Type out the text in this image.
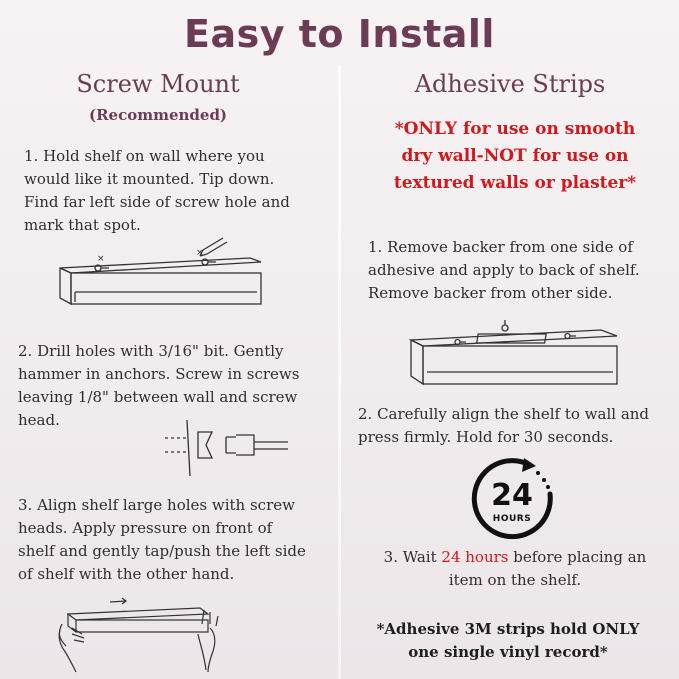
Easy to Install
Screw Mount
(Recommended)
1. Hold shelf on wall where you
would like it mounted. Tip down.
Find far left side of screw hole and
mark that spot.
×
×
2. Drill holes with 3/16" bit. Gently
hammer in anchors. Screw in screws
leaving 1/8" between wall and screw
head.
3. Align shelf large holes with screw
heads. Apply pressure on front of
shelf and gently tap/push the left side
of shelf with the other hand.
Adhesive Strips
*ONLY for use on smooth
dry wall-NOT for use on
textured walls or plaster*
1. Remove backer from one side of
adhesive and apply to back of shelf.
Remove backer from other side.
2. Carefully align the shelf to wall and
press firmly. Hold for 30 seconds.
24
HOURS
3. Wait 24 hours before placing an
item on the shelf.
*Adhesive 3M strips hold ONLY
one single vinyl record*
